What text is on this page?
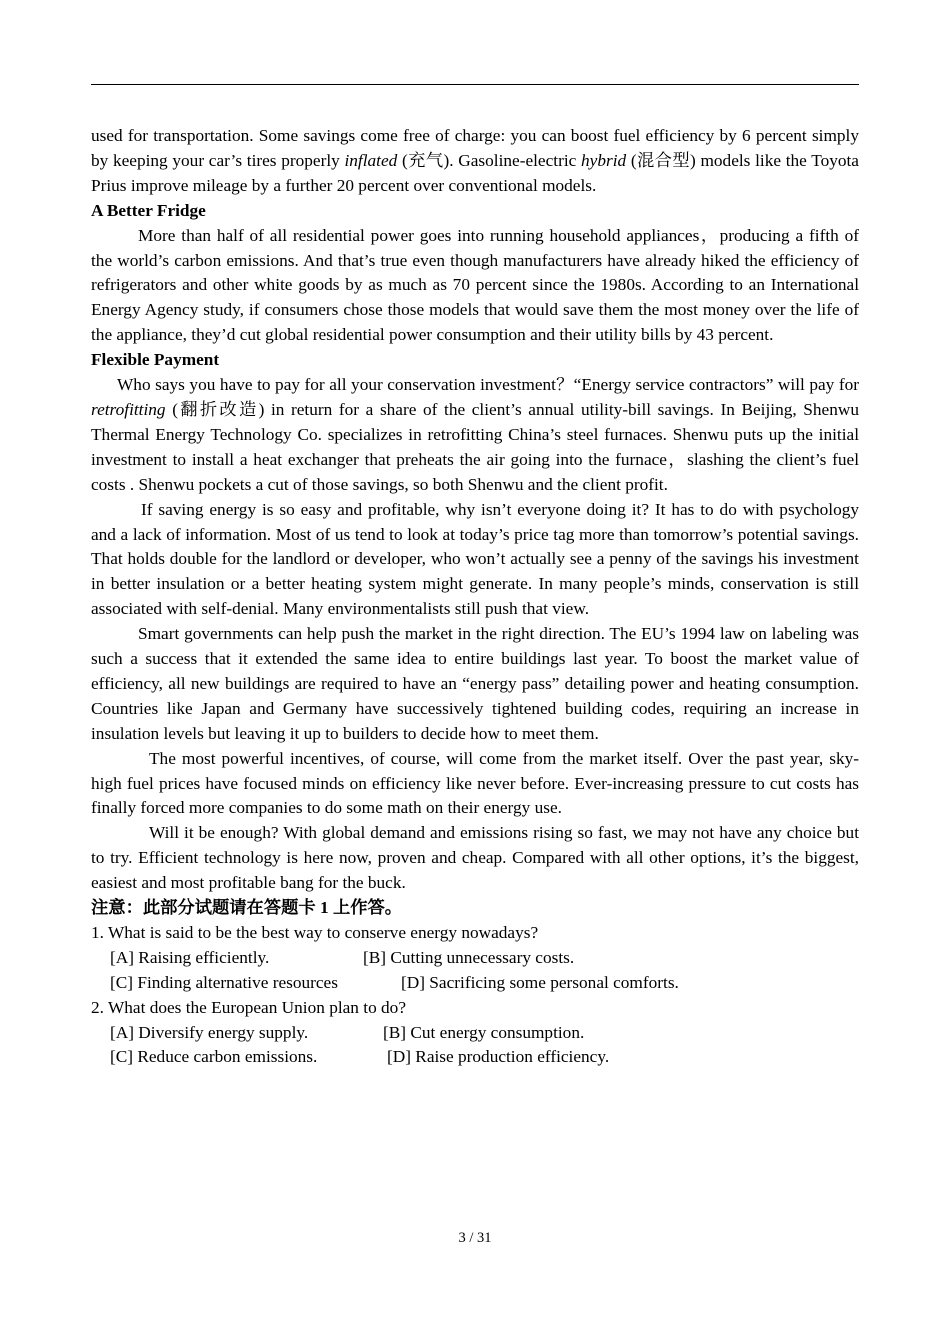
used for transportation. Some savings come free of charge: you can boost fuel efficiency by 6 percent simply by keeping your car’s tires properly inflated (充气). Gasoline-electric hybrid (混合型) models like the Toyota Prius improve mileage by a further 20 percent over conventional models.

A Better Fridge

More than half of all residential power goes into running household appliances，producing a fifth of the world’s carbon emissions. And that’s true even though manufacturers have already hiked the efficiency of refrigerators and other white goods by as much as 70 percent since the 1980s. According to an International Energy Agency study, if consumers chose those models that would save them the most money over the life of the appliance, they’d cut global residential power consumption and their utility bills by 43 percent.

Flexible Payment

Who says you have to pay for all your conservation investment？“Energy service contractors” will pay for retrofitting (翻折改造) in return for a share of the client’s annual utility-bill savings. In Beijing, Shenwu Thermal Energy Technology Co. specializes in retrofitting China’s steel furnaces. Shenwu puts up the initial investment to install a heat exchanger that preheats the air going into the furnace，slashing the client’s fuel costs . Shenwu pockets a cut of those savings, so both Shenwu and the client profit.

If saving energy is so easy and profitable, why isn’t everyone doing it? It has to do with psychology and a lack of information. Most of us tend to look at today’s price tag more than tomorrow’s potential savings. That holds double for the landlord or developer, who won’t actually see a penny of the savings his investment in better insulation or a better heating system might generate. In many people’s minds, conservation is still associated with self-denial. Many environmentalists still push that view.

Smart governments can help push the market in the right direction. The EU’s 1994 law on labeling was such a success that it extended the same idea to entire buildings last year. To boost the market value of efficiency, all new buildings are required to have an “energy pass” detailing power and heating consumption. Countries like Japan and Germany have successively tightened building codes, requiring an increase in insulation levels but leaving it up to builders to decide how to meet them.

The most powerful incentives, of course, will come from the market itself. Over the past year, sky-high fuel prices have focused minds on efficiency like never before. Ever-increasing pressure to cut costs has finally forced more companies to do some math on their energy use.

Will it be enough? With global demand and emissions rising so fast, we may not have any choice but to try. Efficient technology is here now, proven and cheap. Compared with all other options, it’s the biggest, easiest and most profitable bang for the buck.

注意：此部分试题请在答题卡 1 上作答。

1. What is said to be the best way to conserve energy nowadays?

[A] Raising efficiently.	[B] Cutting unnecessary costs.
[C] Finding alternative resources	[D] Sacrificing some personal comforts.

2. What does the European Union plan to do?

[A] Diversify energy supply.	[B] Cut energy consumption.
[C] Reduce carbon emissions.	[D] Raise production efficiency.
3 / 31
